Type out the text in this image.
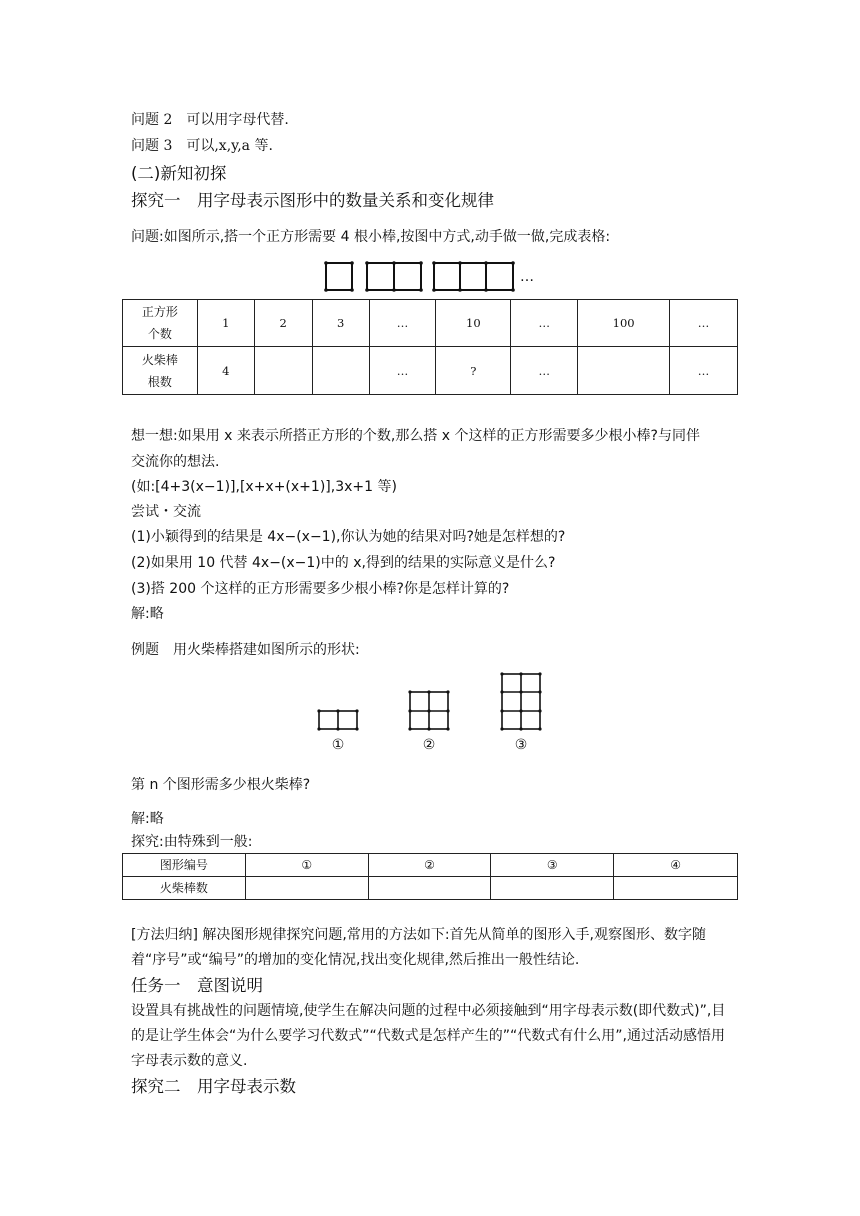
问题 2　可以用字母代替.
问题 3　可以,x,y,a 等.
(二)新知初探
探究一　用字母表示图形中的数量关系和变化规律
问题:如图所示,搭一个正方形需要 4 根小棒,按图中方式,动手做一做,完成表格:
…
正方形
个数	1	2	3	…	10	…	100	…
火柴棒
根数	4			…	?	…		…
想一想:如果用 x 来表示所搭正方形的个数,那么搭 x 个这样的正方形需要多少根小棒?与同伴
交流你的想法.
(如:[4+3(x−1)],[x+x+(x+1)],3x+1 等)
尝试・交流
(1)小颖得到的结果是 4x−(x−1),你认为她的结果对吗?她是怎样想的?
(2)如果用 10 代替 4x−(x−1)中的 x,得到的结果的实际意义是什么?
(3)搭 200 个这样的正方形需要多少根小棒?你是怎样计算的?
解:略
例题　用火柴棒搭建如图所示的形状:
①	②	③
第 n 个图形需多少根火柴棒?
解:略
探究:由特殊到一般:
图形编号	①	②	③	④
火柴棒数				
[方法归纳] 解决图形规律探究问题,常用的方法如下:首先从简单的图形入手,观察图形、数字随着“序号”或“编号”的增加的变化情况,找出变化规律,然后推出一般性结论.
任务一　意图说明
设置具有挑战性的问题情境,使学生在解决问题的过程中必须接触到“用字母表示数(即代数式)”,目的是让学生体会“为什么要学习代数式”“代数式是怎样产生的”“代数式有什么用”,通过活动感悟用字母表示数的意义.
探究二　用字母表示数
